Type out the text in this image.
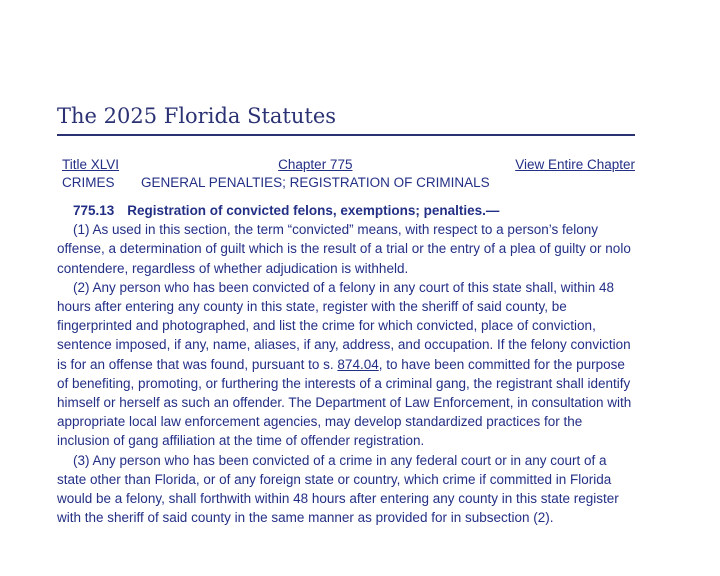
The 2025 Florida Statutes
Title XLVI
CRIMES
Chapter 775
GENERAL PENALTIES; REGISTRATION OF CRIMINALS
View Entire Chapter

775.13 Registration of convicted felons, exemptions; penalties.—

(1) As used in this section, the term “convicted” means, with respect to a person’s felony offense, a determination of guilt which is the result of a trial or the entry of a plea of guilty or nolo contendere, regardless of whether adjudication is withheld.

(2) Any person who has been convicted of a felony in any court of this state shall, within 48 hours after entering any county in this state, register with the sheriff of said county, be fingerprinted and photographed, and list the crime for which convicted, place of conviction, sentence imposed, if any, name, aliases, if any, address, and occupation. If the felony conviction is for an offense that was found, pursuant to s. 874.04, to have been committed for the purpose of benefiting, promoting, or furthering the interests of a criminal gang, the registrant shall identify himself or herself as such an offender. The Department of Law Enforcement, in consultation with appropriate local law enforcement agencies, may develop standardized practices for the inclusion of gang affiliation at the time of offender registration.

(3) Any person who has been convicted of a crime in any federal court or in any court of a state other than Florida, or of any foreign state or country, which crime if committed in Florida would be a felony, shall forthwith within 48 hours after entering any county in this state register with the sheriff of said county in the same manner as provided for in subsection (2).
